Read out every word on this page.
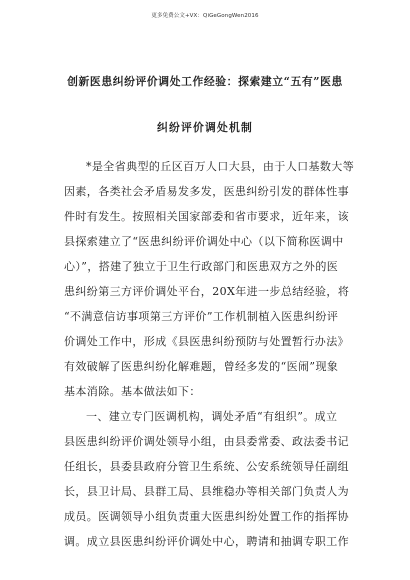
更多免费公文+VX：QiGeGongWen2016
创新医患纠纷评价调处工作经验：探索建立“五有”医患
纠纷评价调处机制
*是全省典型的丘区百万人口大县，由于人口基数大等
因素，各类社会矛盾易发多发，医患纠纷引发的群体性事
件时有发生。按照相关国家部委和省市要求，近年来，该
县探索建立了“医患纠纷评价调处中心（以下简称医调中
心）”，搭建了独立于卫生行政部门和医患双方之外的医
患纠纷第三方评价调处平台，20X年进一步总结经验，将
“不满意信访事项第三方评价”工作机制植入医患纠纷评
价调处工作中，形成《县医患纠纷预防与处置暂行办法》
有效破解了医患纠纷化解难题，曾经多发的“医闹”现象
基本消除。基本做法如下：
一、建立专门医调机构，调处矛盾“有组织”。成立
县医患纠纷评价调处领导小组，由县委常委、政法委书记
任组长，县委县政府分管卫生系统、公安系统领导任副组
长，县卫计局、县群工局、县维稳办等相关部门负责人为
成员。医调领导小组负责重大医患纠纷处置工作的指挥协
调。成立县医患纠纷评价调处中心，聘请和抽调专职工作
